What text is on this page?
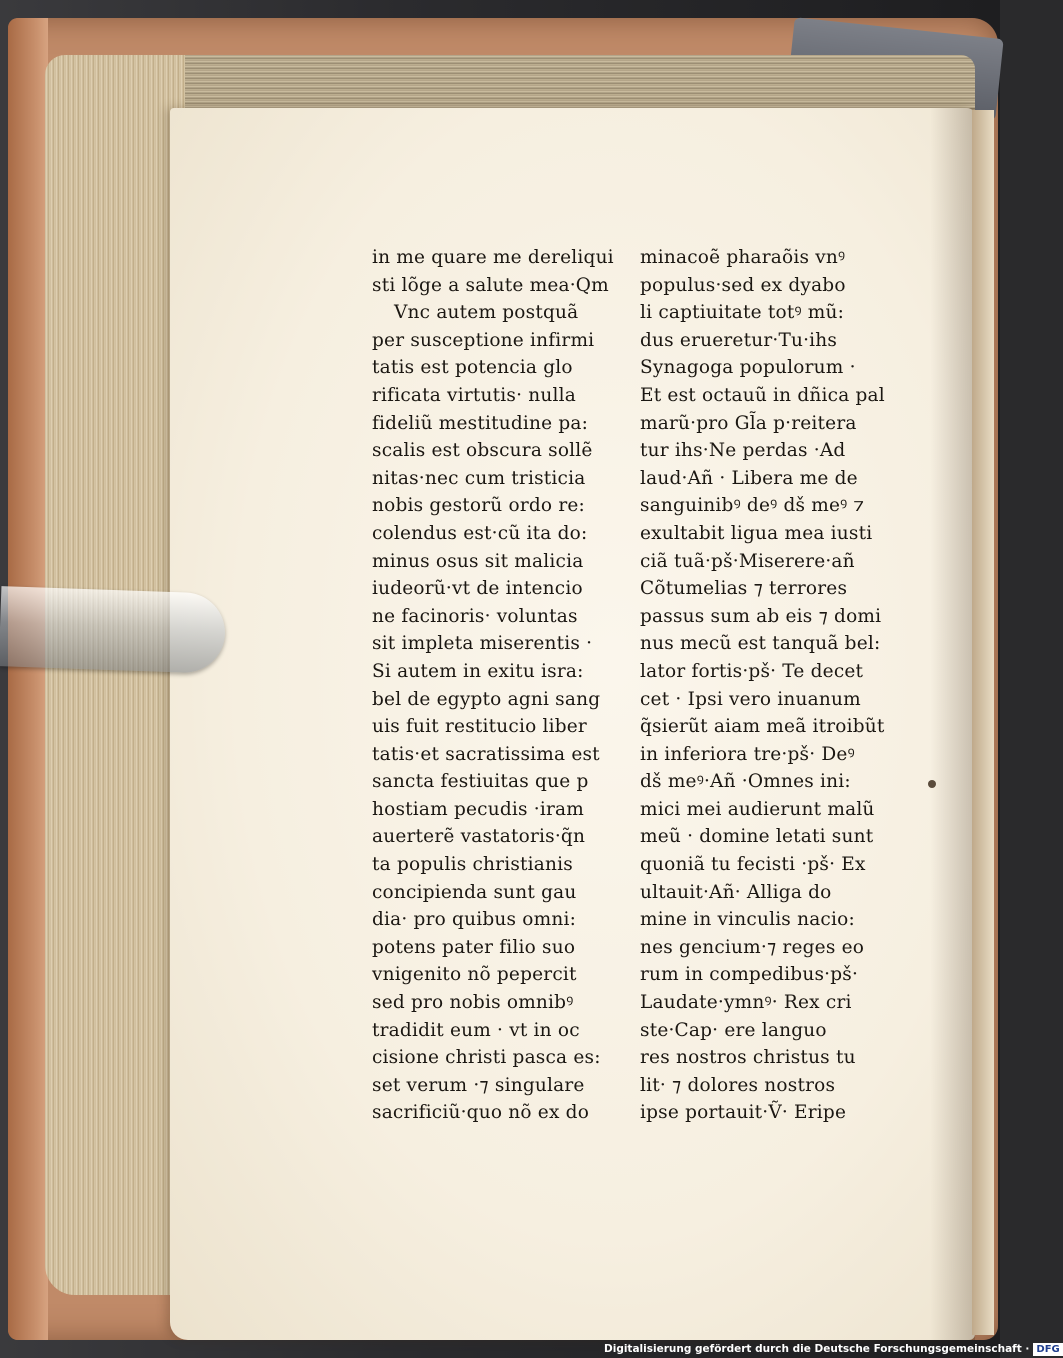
in me quare me dereliqui
sti lõge a salute mea·Qm
Vnc autem postquã
per susceptione infirmi
tatis est potencia glo
rificata virtutis· nulla
fideliũ mestitudine pa:
scalis est obscura sollẽ
nitas·nec cum tristicia
nobis gestorũ ordo re:
colendus est·cũ ita do:
minus osus sit malicia
iudeorũ·vt de intencio
ne facinoris· voluntas
sit impleta miserentis ·
Si autem in exitu isra:
bel de egypto agni sang
uis fuit restitucio liber
tatis·et sacratissima est
sancta festiuitas que p
hostiam pecudis ·iram
auerterẽ vastatoris·q̃n
ta populis christianis
concipienda sunt gau
dia· pro quibus omni:
potens pater filio suo
vnigenito nõ pepercit
sed pro nobis omnibꝰ
tradidit eum · vt in oc
cisione christi pasca es:
set verum ·⁊ singulare
sacrificiũ·quo nõ ex do
minacoẽ pharaõis vnꝰ
populus·sed ex dyabo
li captiuitate totꝰ mũ:
dus erueretur·Tu·ihs
Synagoga populorum ·
Et est octauũ in dñica pal
marũ·pro Gl̃a p·reitera
tur ihs·Ne perdas ·Ad
laud·Añ · Libera me de
sanguinibꝰ deꝰ dš meꝰ ⁊
exultabit ligua mea iusti
ciã tuã·pš·Miserere·añ
Cõtumelias ⁊ terrores
passus sum ab eis ⁊ domi
nus mecũ est tanquã bel:
lator fortis·pš· Te decet
cet · Ipsi vero inuanum
q̃sierũt aiam meã itroibũt
in inferiora tre·pš· Deꝰ
dš meꝰ·Añ ·Omnes ini:
mici mei audierunt malũ
meũ · domine letati sunt
quoniã tu fecisti ·pš· Ex
ultauit·Añ· Alliga do
mine in vinculis nacio:
nes gencium·⁊ reges eo
rum in compedibus·pš·
Laudate·ymnꝰ· Rex cri
ste·Cap· ere languo
res nostros christus tu
lit· ⁊ dolores nostros
ipse portauit·Ṽ· Eripe
Digitalisierung gefördert durch die Deutsche Forschungsgemeinschaft · DFG
